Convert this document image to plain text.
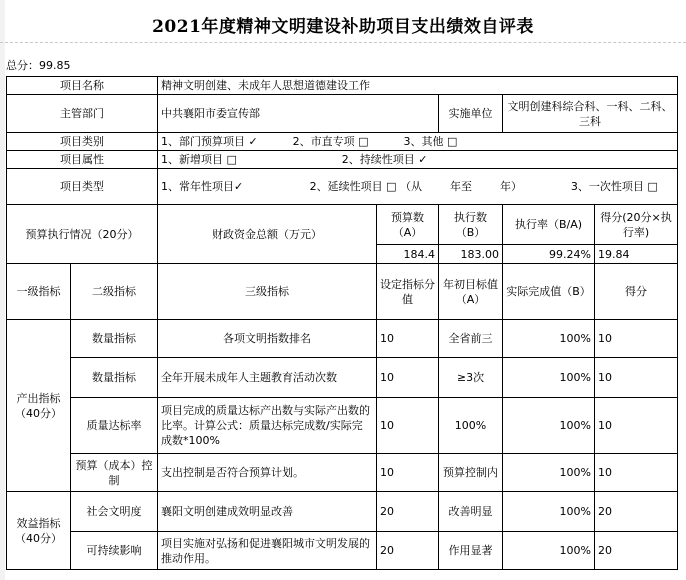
2021年度精神文明建设补助项目支出绩效自评表
总分：99.85
项目名称		精神文明创建、未成年人思想道德建设工作				
主管部门		中共襄阳市委宣传部		实施单位	文明创建科综合科、一科、二科、三科	
项目类别		1、部门预算项目 ✓          2、市直专项 □          3、其他 □				
项目属性		1、新增项目 □                              2、持续性项目 ✓				
项目类型		1、常年性项目✓                   2、延续性项目 □ （从        年至        年）              3、一次性项目 □				
预算执行情况（20分）		财政资金总额（万元）	预算数（A）	执行数（B）	执行率（B/A)	得分(20分×执行率)
			184.4	183.00	99.24%	19.84
一级指标	二级指标	三级指标	设定指标分值	年初目标值（A）	实际完成值（B）	得分
产出指标（40分）	数量指标	各项文明指数排名	10	全省前三	100%	10
	数量指标	全年开展未成年人主题教育活动次数	10	≥3次	100%	10
	质量达标率	项目完成的质量达标产出数与实际产出数的比率。计算公式：质量达标完成数/实际完成数*100%	10	100%	100%	10
	预算（成本）控制	支出控制是否符合预算计划。	10	预算控制内	100%	10
效益指标（40分）	社会文明度	襄阳文明创建成效明显改善	20	改善明显	100%	20
	可持续影响	项目实施对弘扬和促进襄阳城市文明发展的推动作用。	20	作用显著	100%	20
